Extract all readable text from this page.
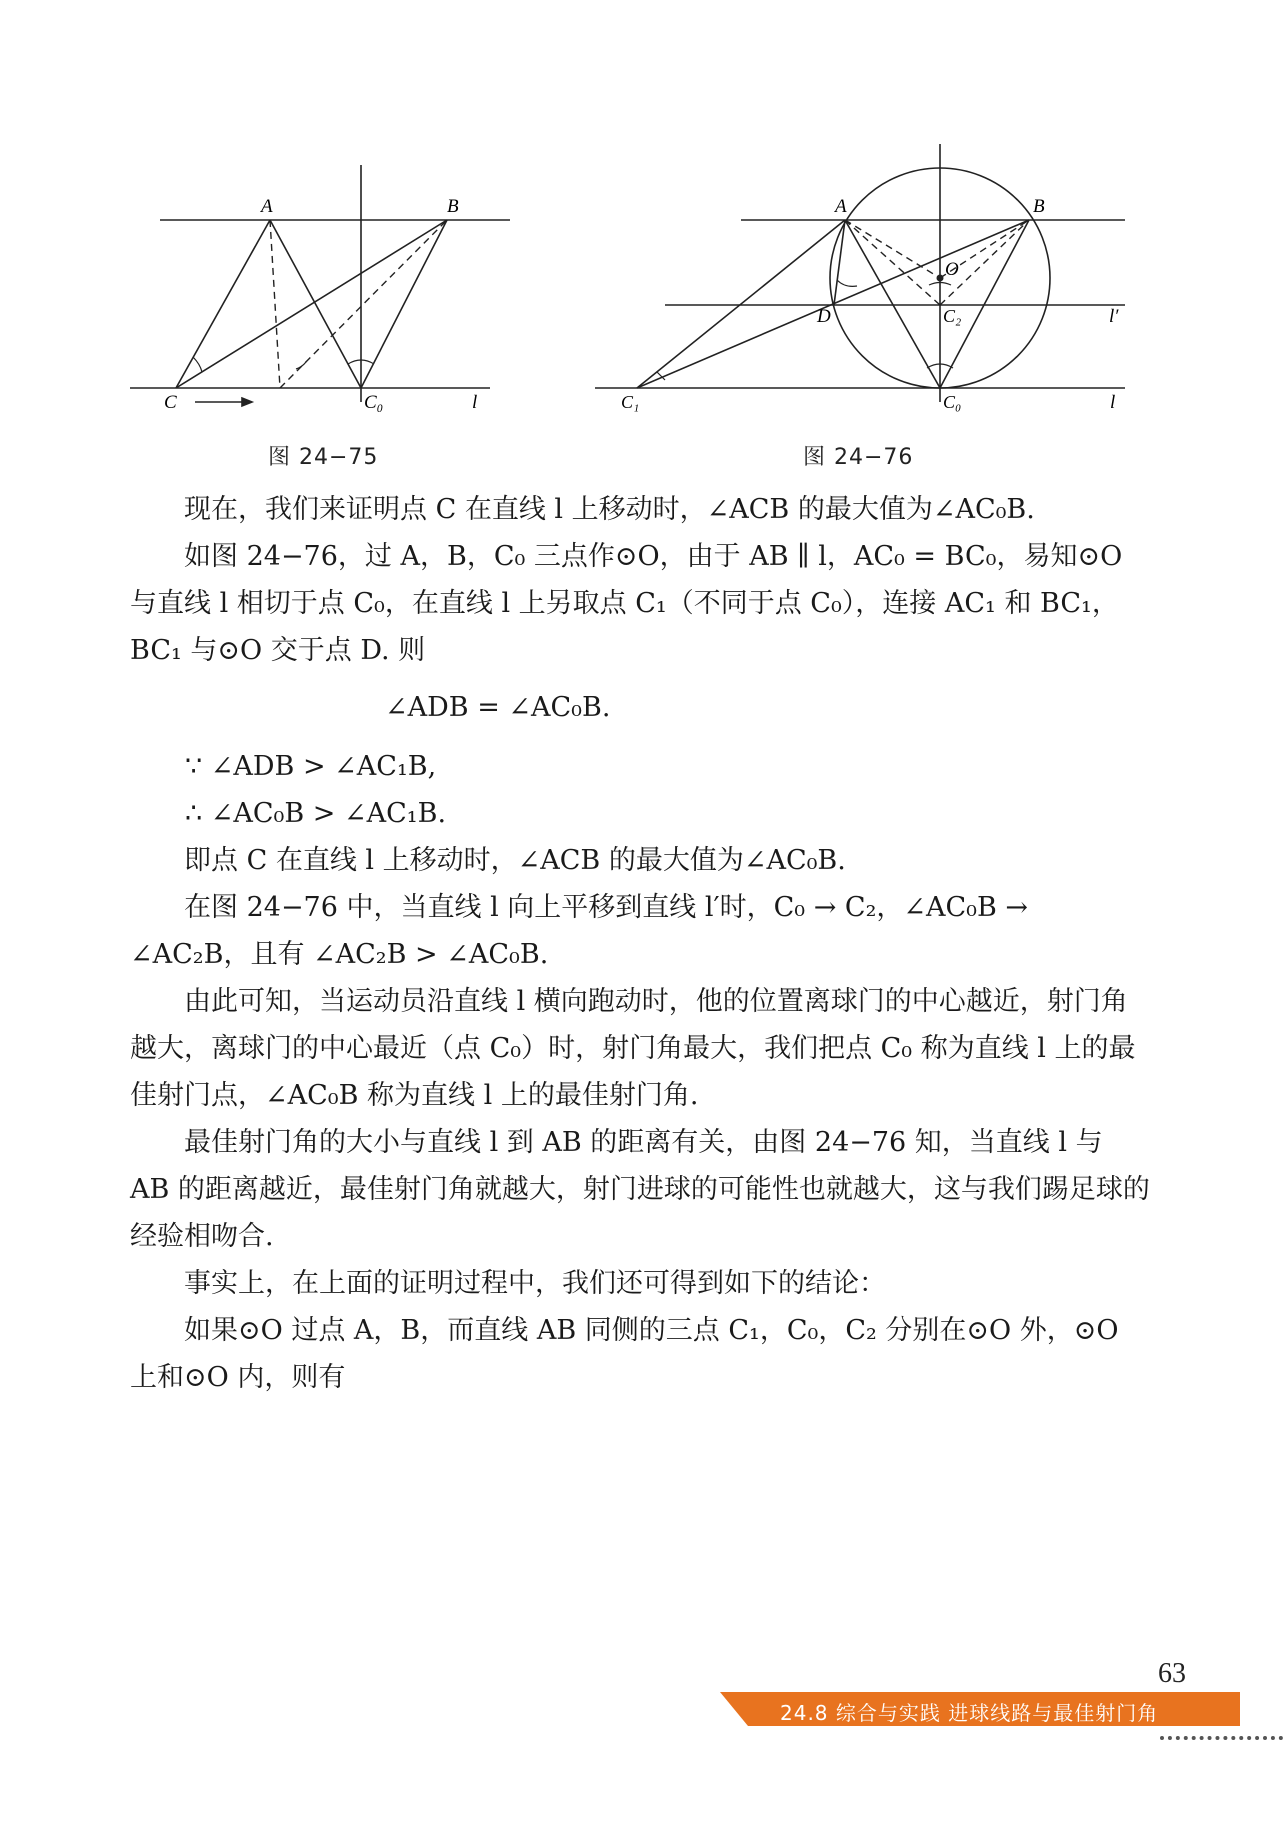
A	B
C	C₀	l
图 24−75
A	B
O
D	C₂	l′
C₁	C₀	l
图 24−76

现在，我们来证明点 C 在直线 l 上移动时，∠ACB 的最大值为∠AC₀B.

如图 24−76，过 A，B，C₀ 三点作⊙O，由于 AB ∥ l，AC₀ = BC₀，易知⊙O 与直线 l 相切于点 C₀，在直线 l 上另取点 C₁（不同于点 C₀），连接 AC₁ 和 BC₁，BC₁ 与⊙O 交于点 D. 则

∠ADB = ∠AC₀B.

∵ ∠ADB > ∠AC₁B,

∴ ∠AC₀B > ∠AC₁B.

即点 C 在直线 l 上移动时，∠ACB 的最大值为∠AC₀B.

在图 24−76 中，当直线 l 向上平移到直线 l′时，C₀ → C₂，∠AC₀B → ∠AC₂B，且有 ∠AC₂B > ∠AC₀B.

由此可知，当运动员沿直线 l 横向跑动时，他的位置离球门的中心越近，射门角越大，离球门的中心最近（点 C₀）时，射门角最大，我们把点 C₀ 称为直线 l 上的最佳射门点，∠AC₀B 称为直线 l 上的最佳射门角.

最佳射门角的大小与直线 l 到 AB 的距离有关，由图 24−76 知，当直线 l 与 AB 的距离越近，最佳射门角就越大，射门进球的可能性也就越大，这与我们踢足球的经验相吻合.

事实上，在上面的证明过程中，我们还可得到如下的结论：

如果⊙O 过点 A，B，而直线 AB 同侧的三点 C₁，C₀，C₂ 分别在⊙O 外，⊙O 上和⊙O 内，则有

63
24.8 综合与实践 进球线路与最佳射门角
